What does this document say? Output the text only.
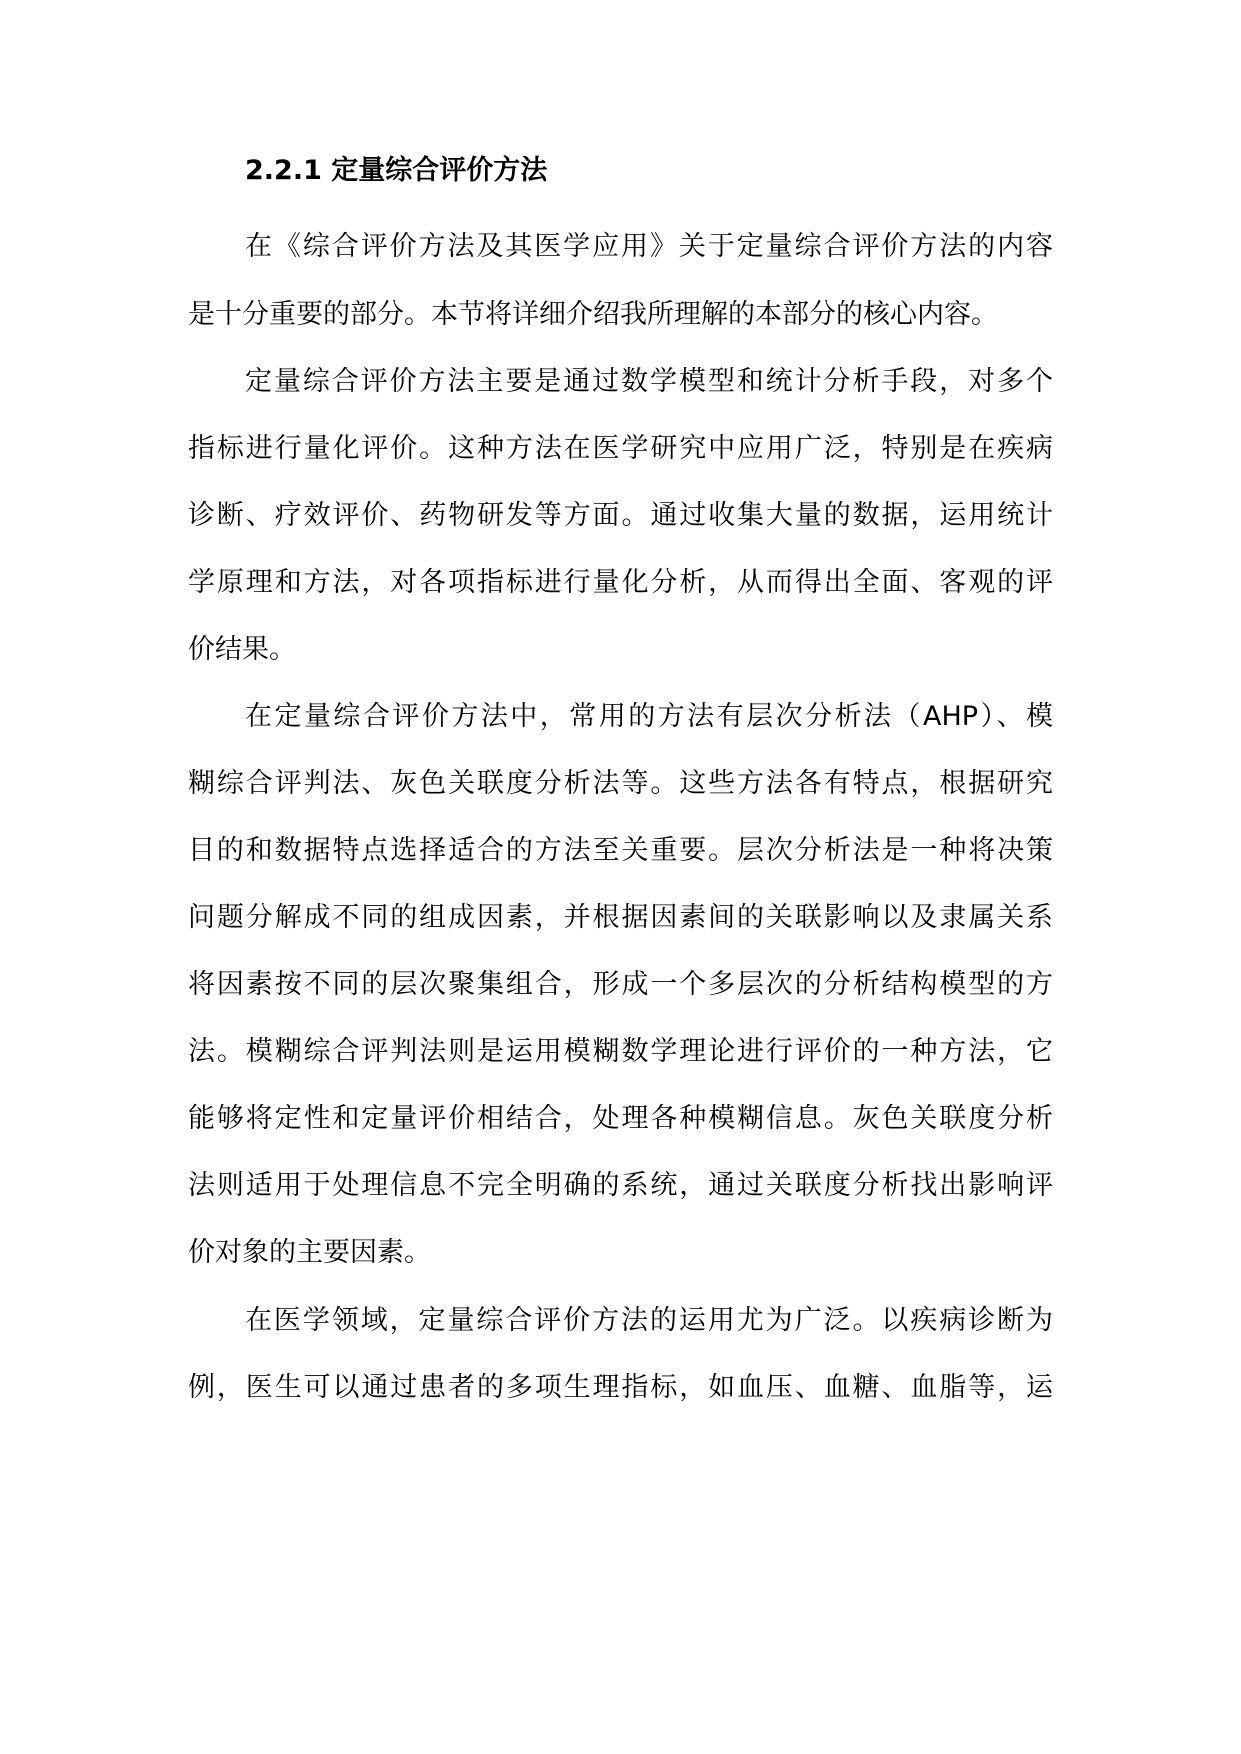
2.2.1 定量综合评价方法
在《综合评价方法及其医学应用》关于定量综合评价方法的内容
是十分重要的部分。本节将详细介绍我所理解的本部分的核心内容。
定量综合评价方法主要是通过数学模型和统计分析手段，对多个
指标进行量化评价。这种方法在医学研究中应用广泛，特别是在疾病
诊断、疗效评价、药物研发等方面。通过收集大量的数据，运用统计
学原理和方法，对各项指标进行量化分析，从而得出全面、客观的评
价结果。
在定量综合评价方法中，常用的方法有层次分析法（AHP）、模
糊综合评判法、灰色关联度分析法等。这些方法各有特点，根据研究
目的和数据特点选择适合的方法至关重要。层次分析法是一种将决策
问题分解成不同的组成因素，并根据因素间的关联影响以及隶属关系
将因素按不同的层次聚集组合，形成一个多层次的分析结构模型的方
法。模糊综合评判法则是运用模糊数学理论进行评价的一种方法，它
能够将定性和定量评价相结合，处理各种模糊信息。灰色关联度分析
法则适用于处理信息不完全明确的系统，通过关联度分析找出影响评
价对象的主要因素。
在医学领域，定量综合评价方法的运用尤为广泛。以疾病诊断为
例，医生可以通过患者的多项生理指标，如血压、血糖、血脂等，运
